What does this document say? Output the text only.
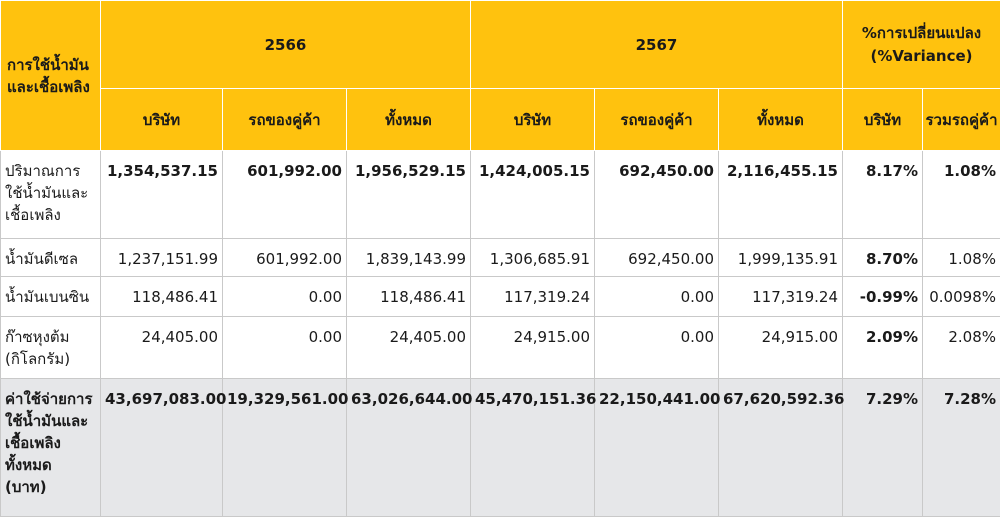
การใช้น้ำมันและเชื้อเพลิง	2566			2567			%การเปลี่ยนแปลง (%Variance)	
	บริษัท	รถของคู่ค้า	ทั้งหมด	บริษัท	รถของคู่ค้า	ทั้งหมด	บริษัท	รวมรถคู่ค้า
ปริมาณการใช้น้ำมันและเชื้อเพลิง	1,354,537.15	601,992.00	1,956,529.15	1,424,005.15	692,450.00	2,116,455.15	8.17%	1.08%
น้ำมันดีเซล	1,237,151.99	601,992.00	1,839,143.99	1,306,685.91	692,450.00	1,999,135.91	8.70%	1.08%
น้ำมันเบนซิน	118,486.41	0.00	118,486.41	117,319.24	0.00	117,319.24	-0.99%	0.0098%
ก๊าซหุงต้ม (กิโลกรัม)	24,405.00	0.00	24,405.00	24,915.00	0.00	24,915.00	2.09%	2.08%
ค่าใช้จ่ายการใช้น้ำมันและเชื้อเพลิงทั้งหมด (บาท)	43,697,083.00	19,329,561.00	63,026,644.00	45,470,151.36	22,150,441.00	67,620,592.36	7.29%	7.28%
